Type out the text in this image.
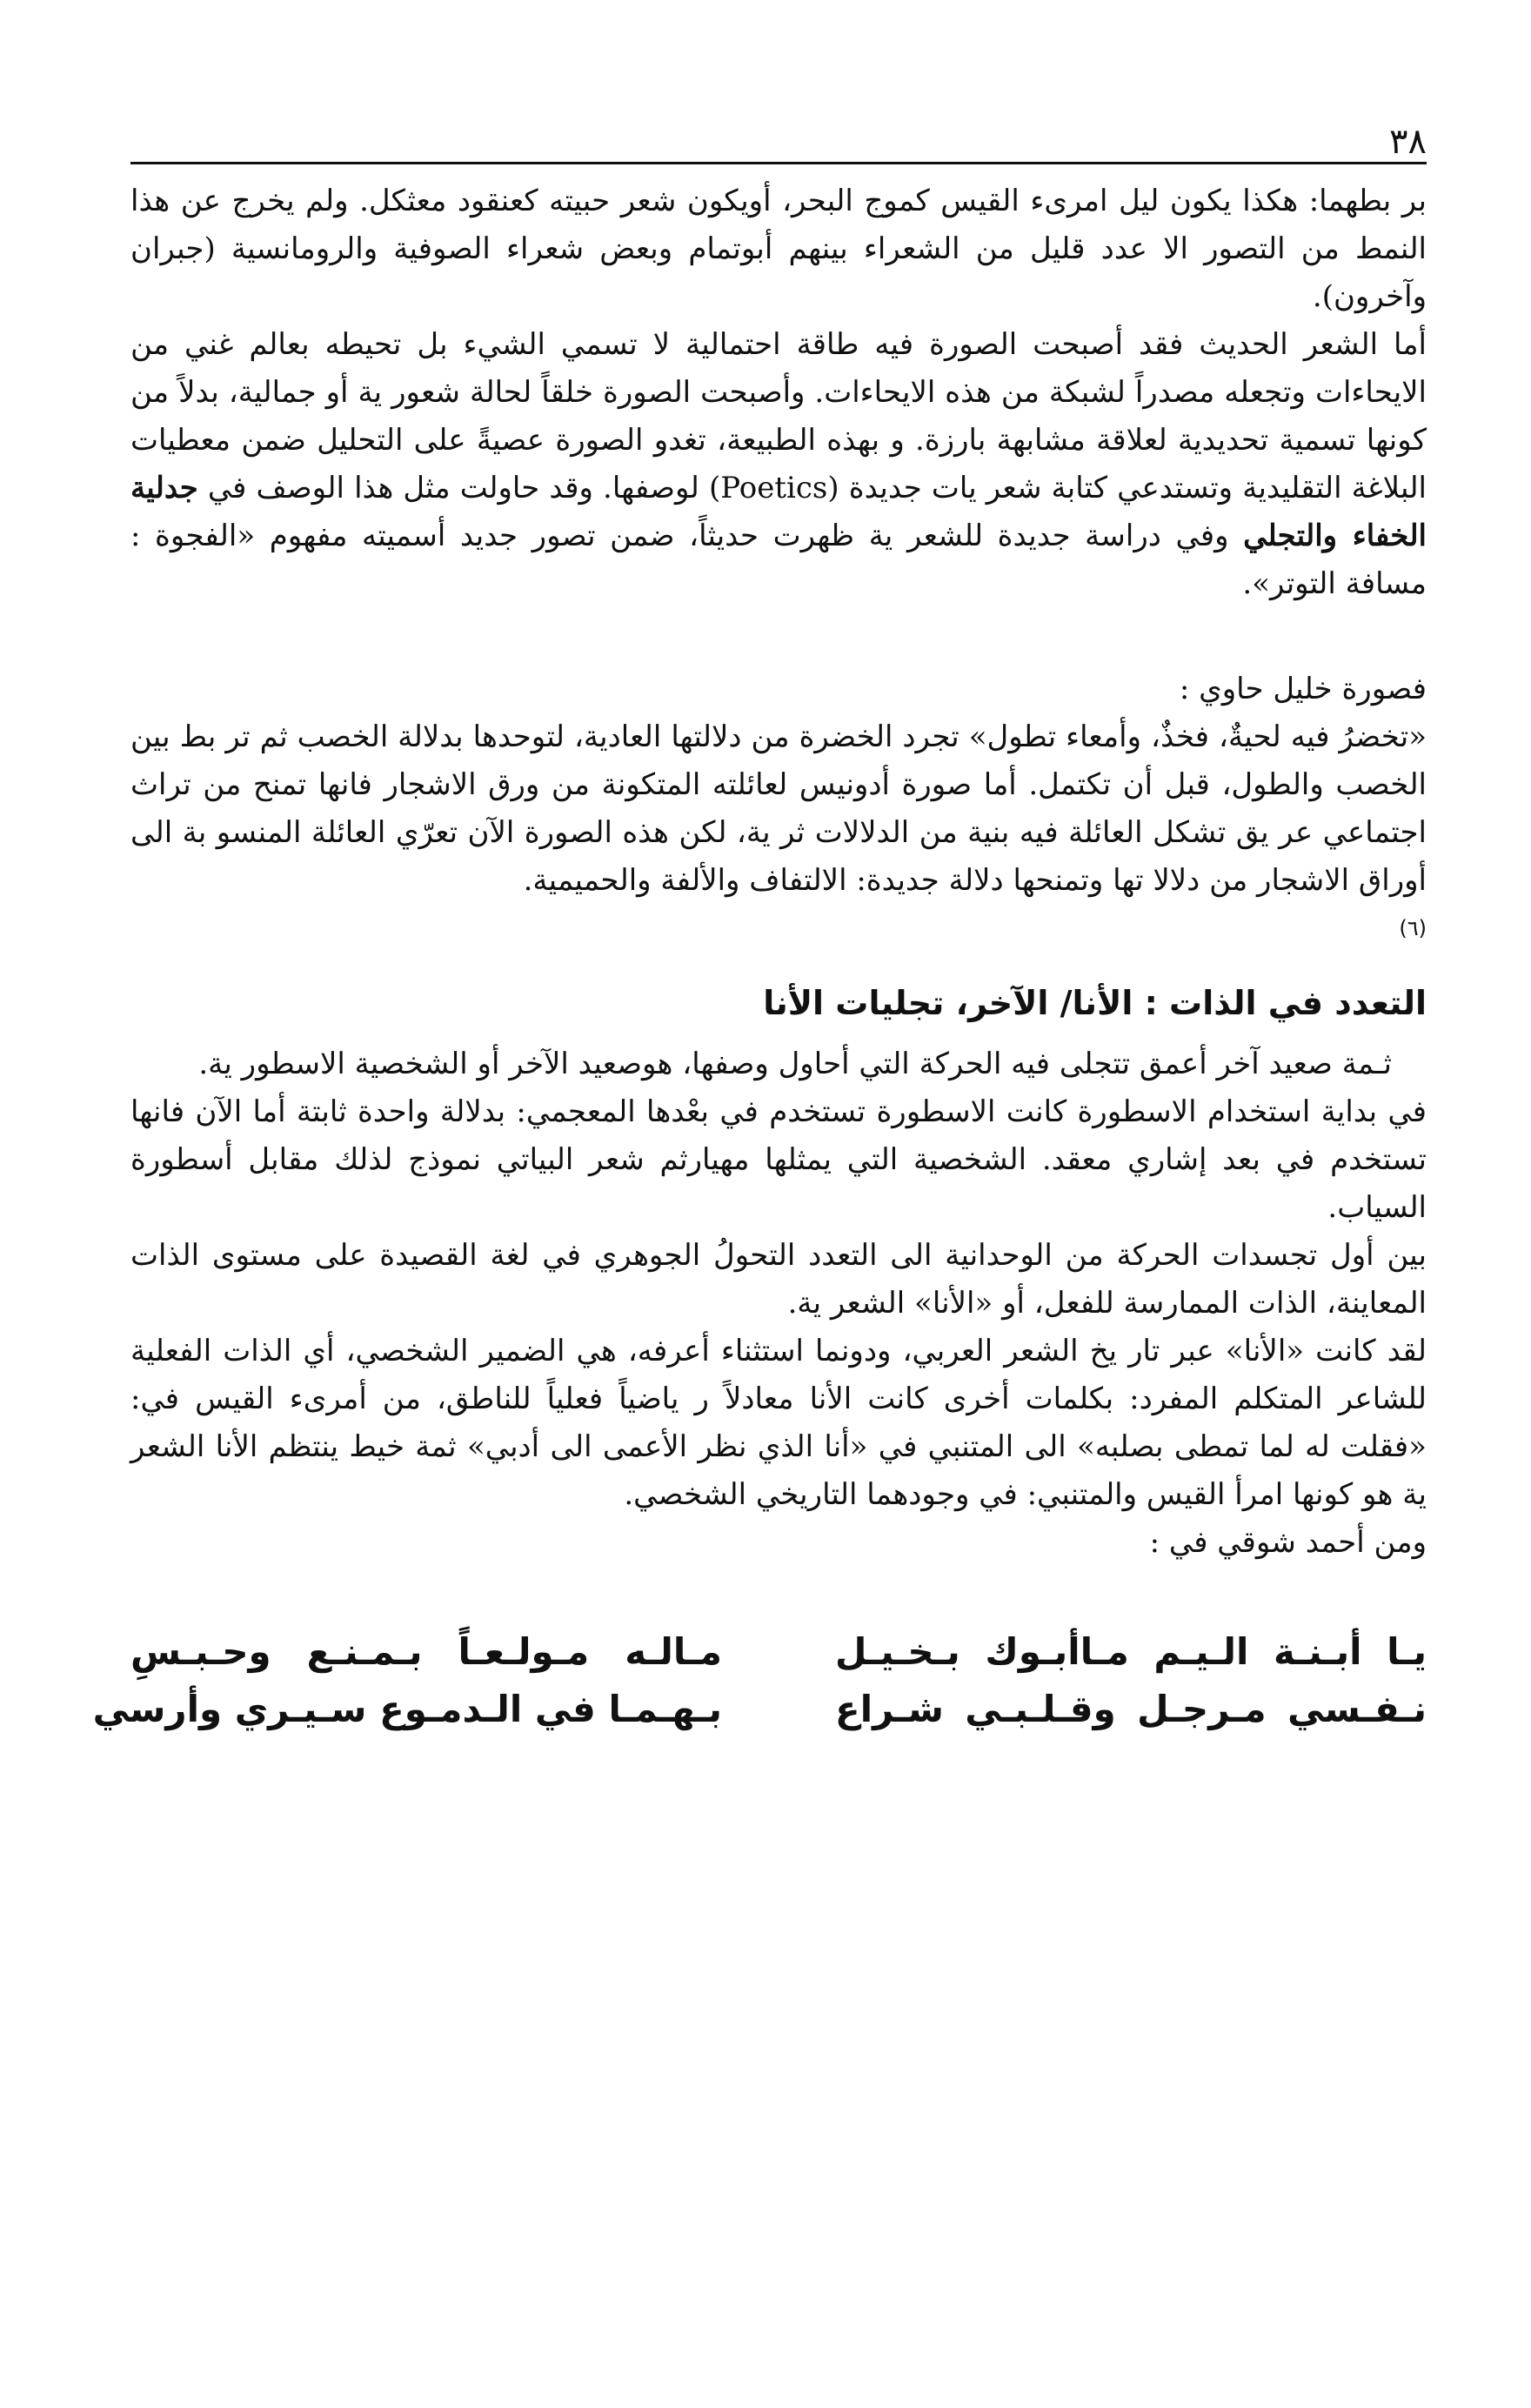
٣٨

بر بطهما: هكذا يكون ليل امرىء القيس كموج البحر، أويكون شعر حبيته كعنقود معثكل. ولم يخرج عن هذا النمط من التصور الا عدد قليل من الشعراء بينهم أبوتمام وبعض شعراء الصوفية والرومانسية (جبران وآخرون).

أما الشعر الحديث فقد أصبحت الصورة فيه طاقة احتمالية لا تسمي الشيء بل تحيطه بعالم غني من الايحاءات وتجعله مصدراً لشبكة من هذه الايحاءات. وأصبحت الصورة خلقاً لحالة شعور ية أو جمالية، بدلاً من كونها تسمية تحديدية لعلاقة مشابهة بارزة. و بهذه الطبيعة، تغدو الصورة عصيةً على التحليل ضمن معطيات البلاغة التقليدية وتستدعي كتابة شعر يات جديدة (Poetics) لوصفها. وقد حاولت مثل هذا الوصف في جدلية الخفاء والتجلي وفي دراسة جديدة للشعر ية ظهرت حديثاً، ضمن تصور جديد أسميته مفهوم «الفجوة : مسافة التوتر».

فصورة خليل حاوي :

«تخضرُ فيه لحيةٌ، فخذٌ، وأمعاء تطول» تجرد الخضرة من دلالتها العادية، لتوحدها بدلالة الخصب ثم تر بط بين الخصب والطول، قبل أن تكتمل. أما صورة أدونيس لعائلته المتكونة من ورق الاشجار فانها تمنح من تراث اجتماعي عر يق تشكل العائلة فيه بنية من الدلالات ثر ية، لكن هذه الصورة الآن تعرّي العائلة المنسو بة الى أوراق الاشجار من دلالا تها وتمنحها دلالة جديدة: الالتفاف والألفة والحميمية.

(٦)

التعدد في الذات : الأنا/ الآخر، تجليات الأنا

ثـمة صعيد آخر أعمق تتجلى فيه الحركة التي أحاول وصفها، هوصعيد الآخر أو الشخصية الاسطور ية.

في بداية استخدام الاسطورة كانت الاسطورة تستخدم في بعْدها المعجمي: بدلالة واحدة ثابتة أما الآن فانها تستخدم في بعد إشاري معقد. الشخصية التي يمثلها مهيارثم شعر البياتي نموذج لذلك مقابل أسطورة السياب.

بين أول تجسدات الحركة من الوحدانية الى التعدد التحولُ الجوهري في لغة القصيدة على مستوى الذات المعاينة، الذات الممارسة للفعل، أو «الأنا» الشعر ية.

لقد كانت «الأنا» عبر تار يخ الشعر العربي، ودونما استثناء أعرفه، هي الضمير الشخصي، أي الذات الفعلية للشاعر المتكلم المفرد: بكلمات أخرى كانت الأنا معادلاً ر ياضياً فعلياً للناطق، من أمرىء القيس في: «فقلت له لما تمطى بصلبه» الى المتنبي في «أنا الذي نظر الأعمى الى أدبي» ثمة خيط ينتظم الأنا الشعر ية هو كونها امرأ القيس والمتنبي: في وجودهما التاريخي الشخصي.

ومن أحمد شوقي في :

يـا أبـنـة الـيـم مـاأبـوك بـخـيـل
مـالـه مـولـعـاً بـمـنـع وحـبـسِ
نـفـسي مـرجـل وقـلـبـي شـراع
بـهـمـا في الـدمـوع سـيـري وأرسي
